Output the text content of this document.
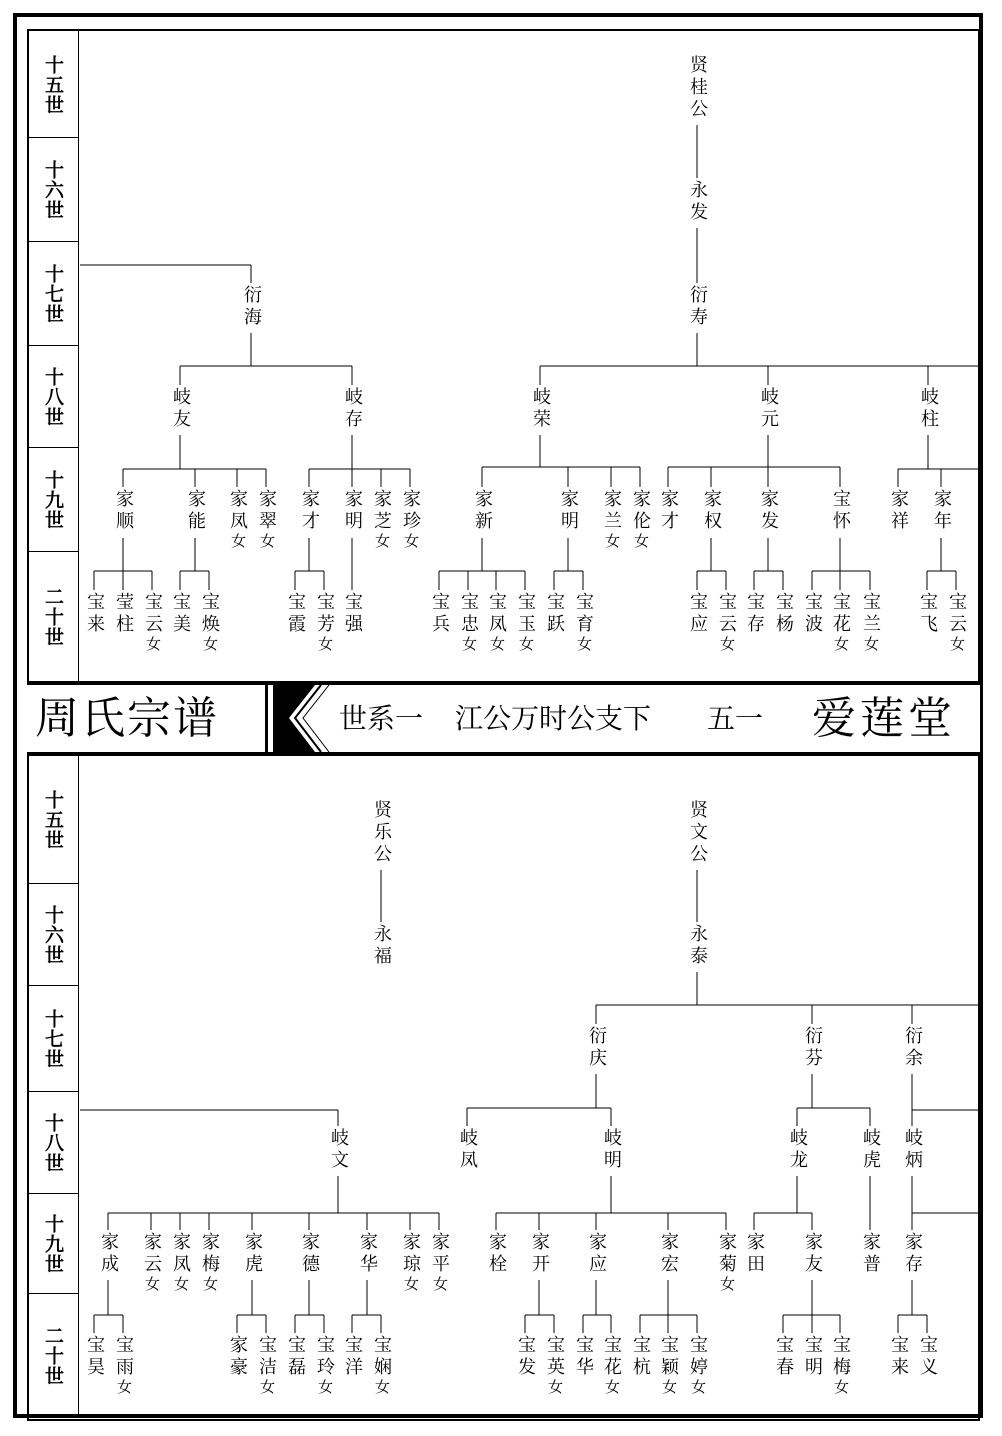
十五世
十六世
十七世
十八世
十九世
二十世
十五世
十六世
十七世
十八世
十九世
二十世
周氏宗谱	世系一 江公万时公支下 五一 爱莲堂
贤桂公
永发
衍海	衍寿
岐友	岐存	岐荣	岐元	岐柱
家顺	家能 家凤
女
家翠
女
家才 家明 家芝
女
家珍
女
家新	家明 家兰
女
家伦
女
家才 家权 家发	宝怀 家祥 家年
宝来 莹柱 宝云
女
宝美 宝焕
女
宝霞 宝芳
女
宝强	宝兵 宝忠
女
宝凤
女
宝玉
女
宝跃 宝育
女
宝应 宝云
女
宝存 宝杨 宝波 宝花
女
宝兰
女
宝飞 宝云
女
贤乐公	贤文公
永福	永泰
衍庆	衍芬	衍余
岐文	岐凤	岐明	岐龙	岐虎 岐炳
家成 家云
女
家凤
女
家梅
女
家虎 家德 家华 家琼
女
家平
女
家栓 家开 家应	家宏 家菊
女
家田 家友 家普 家存
宝昊 宝雨
女
家豪 宝洁
女
宝磊 宝玲
女
宝洋 宝娴
女
宝发 宝英
女
宝华 宝花
女
宝杭 宝颖
女
宝婷
女
宝春 宝明 宝梅
女
宝来 宝义
